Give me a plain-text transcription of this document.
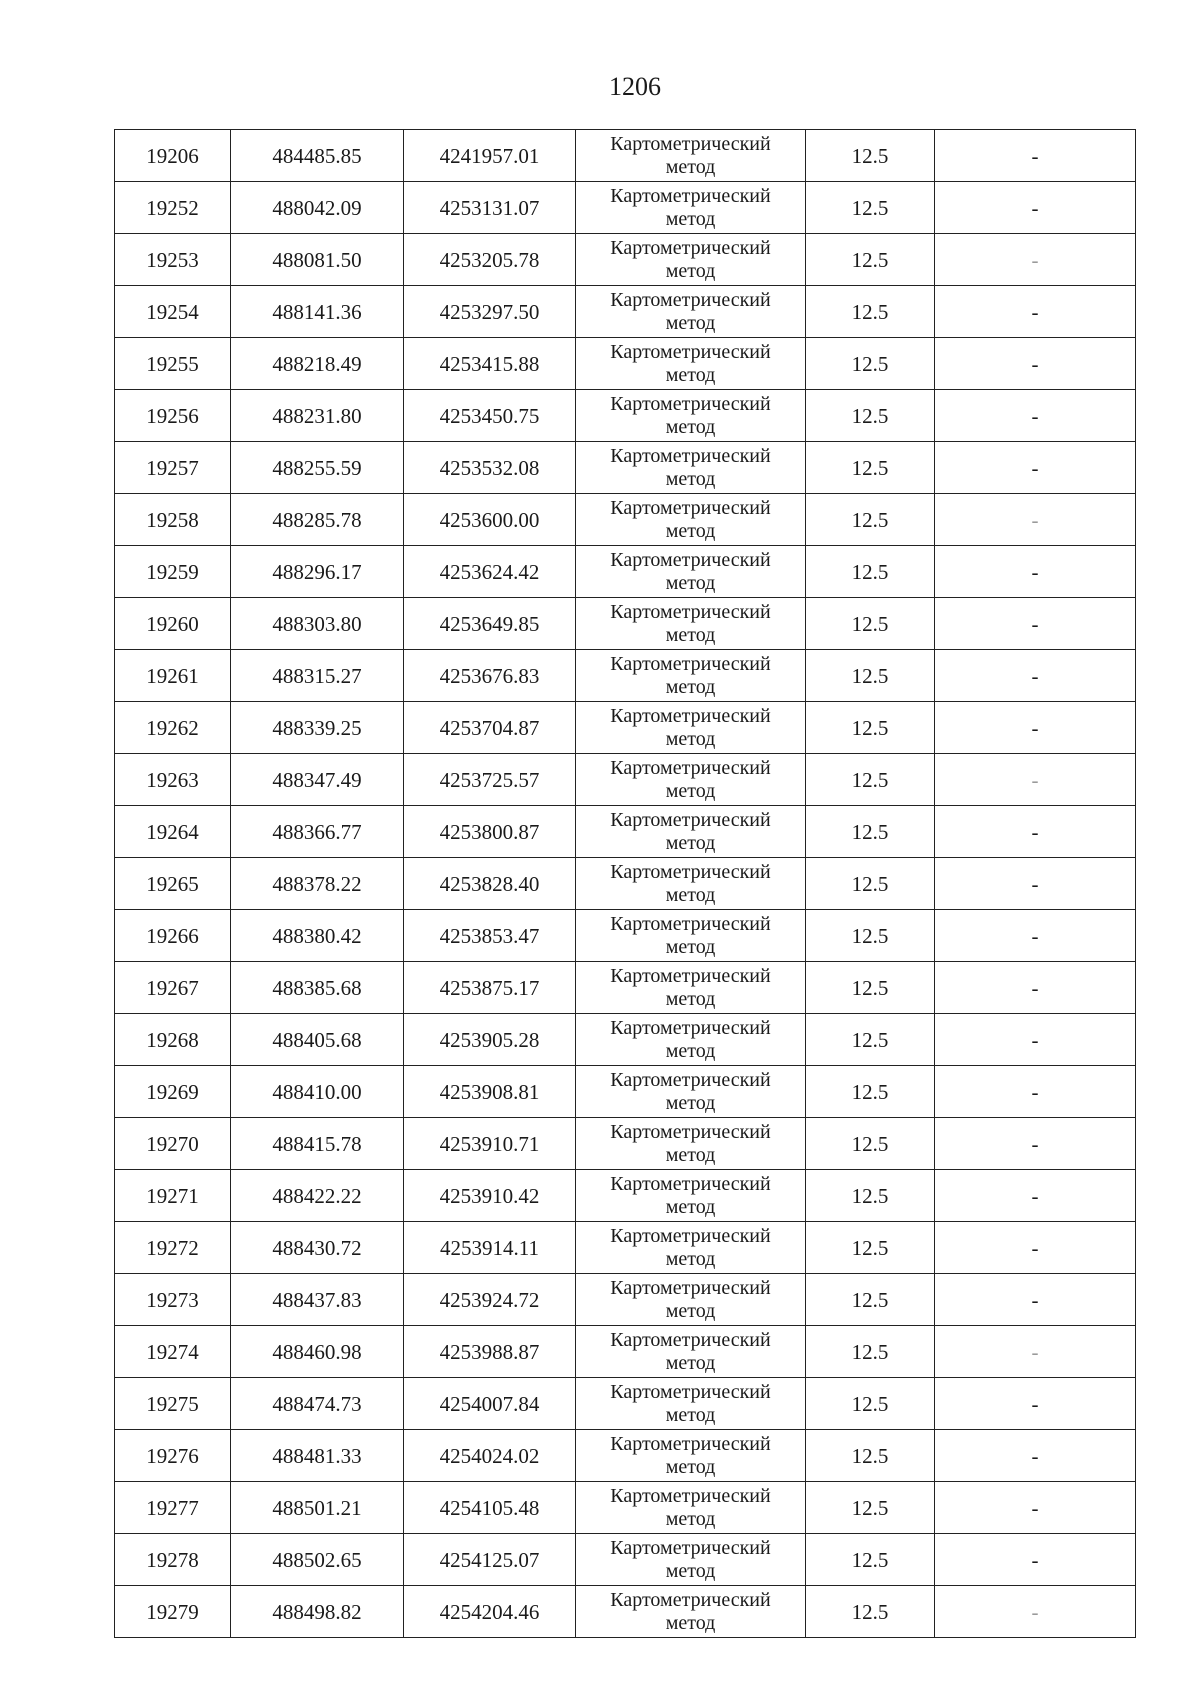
1206
19206	484485.85	4241957.01	Картометрический
метод	12.5	-
19252	488042.09	4253131.07	Картометрический
метод	12.5	-
19253	488081.50	4253205.78	Картометрический
метод	12.5	-
19254	488141.36	4253297.50	Картометрический
метод	12.5	-
19255	488218.49	4253415.88	Картометрический
метод	12.5	-
19256	488231.80	4253450.75	Картометрический
метод	12.5	-
19257	488255.59	4253532.08	Картометрический
метод	12.5	-
19258	488285.78	4253600.00	Картометрический
метод	12.5	-
19259	488296.17	4253624.42	Картометрический
метод	12.5	-
19260	488303.80	4253649.85	Картометрический
метод	12.5	-
19261	488315.27	4253676.83	Картометрический
метод	12.5	-
19262	488339.25	4253704.87	Картометрический
метод	12.5	-
19263	488347.49	4253725.57	Картометрический
метод	12.5	-
19264	488366.77	4253800.87	Картометрический
метод	12.5	-
19265	488378.22	4253828.40	Картометрический
метод	12.5	-
19266	488380.42	4253853.47	Картометрический
метод	12.5	-
19267	488385.68	4253875.17	Картометрический
метод	12.5	-
19268	488405.68	4253905.28	Картометрический
метод	12.5	-
19269	488410.00	4253908.81	Картометрический
метод	12.5	-
19270	488415.78	4253910.71	Картометрический
метод	12.5	-
19271	488422.22	4253910.42	Картометрический
метод	12.5	-
19272	488430.72	4253914.11	Картометрический
метод	12.5	-
19273	488437.83	4253924.72	Картометрический
метод	12.5	-
19274	488460.98	4253988.87	Картометрический
метод	12.5	-
19275	488474.73	4254007.84	Картометрический
метод	12.5	-
19276	488481.33	4254024.02	Картометрический
метод	12.5	-
19277	488501.21	4254105.48	Картометрический
метод	12.5	-
19278	488502.65	4254125.07	Картометрический
метод	12.5	-
19279	488498.82	4254204.46	Картометрический
метод	12.5	-
